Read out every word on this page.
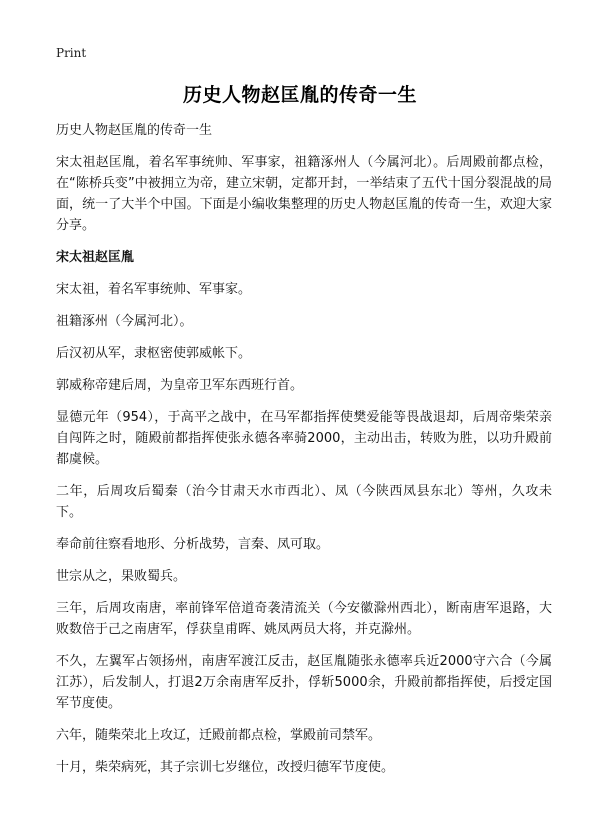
Print
历史人物赵匡胤的传奇一生

历史人物赵匡胤的传奇一生

宋太祖赵匡胤，着名军事统帅、军事家，祖籍涿州人（今属河北）。后周殿前都点检，在“陈桥兵变”中被拥立为帝，建立宋朝，定都开封，一举结束了五代十国分裂混战的局面，统一了大半个中国。下面是小编收集整理的历史人物赵匡胤的传奇一生，欢迎大家分享。

宋太祖赵匡胤

宋太祖，着名军事统帅、军事家。

祖籍涿州（今属河北）。

后汉初从军，隶枢密使郭威帐下。

郭威称帝建后周，为皇帝卫军东西班行首。

显德元年（954），于高平之战中，在马军都指挥使樊爱能等畏战退却，后周帝柴荣亲自闯阵之时，随殿前都指挥使张永德各率骑2000，主动出击，转败为胜，以功升殿前都虞候。

二年，后周攻后蜀秦（治今甘肃天水市西北）、凤（今陕西凤县东北）等州，久攻未下。

奉命前往察看地形、分析战势，言秦、凤可取。

世宗从之，果败蜀兵。

三年，后周攻南唐，率前锋军倍道奇袭清流关（今安徽滁州西北），断南唐军退路，大败数倍于己之南唐军，俘获皇甫晖、姚凤两员大将，并克滁州。

不久，左翼军占领扬州，南唐军渡江反击，赵匡胤随张永德率兵近2000守六合（今属江苏），后发制人，打退2万余南唐军反扑，俘斩5000余，升殿前都指挥使，后授定国军节度使。

六年，随柴荣北上攻辽，迁殿前都点检，掌殿前司禁军。

十月，柴荣病死，其子宗训七岁继位，改授归德军节度使。
